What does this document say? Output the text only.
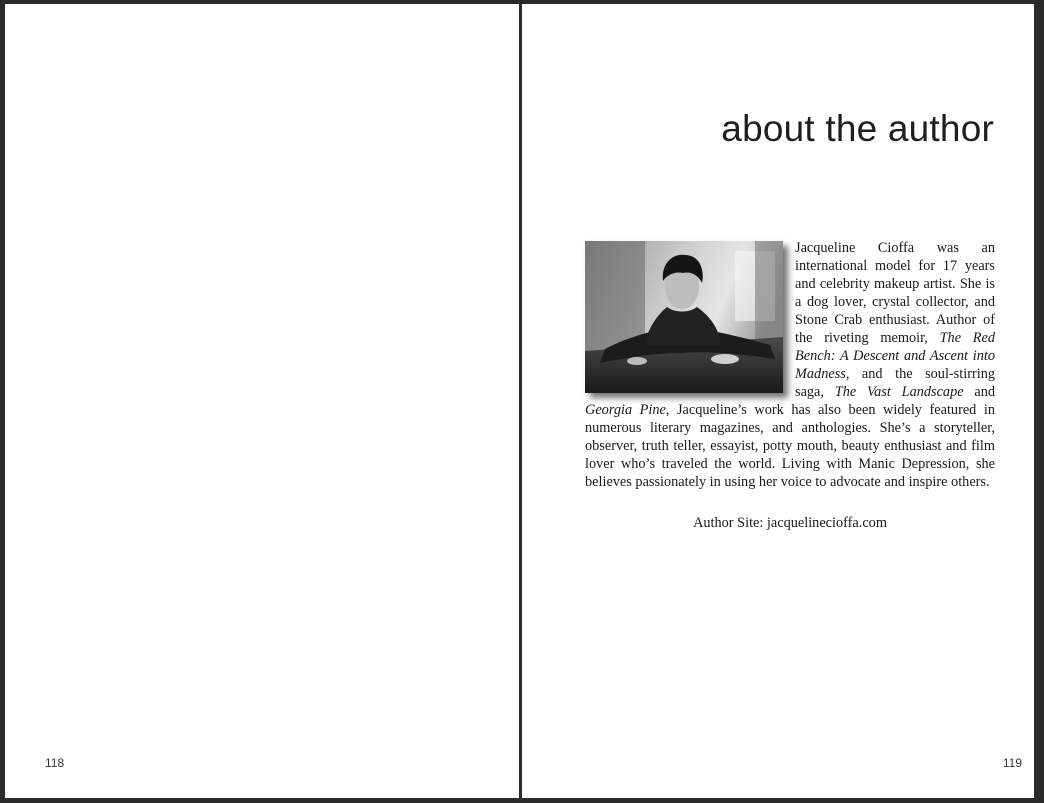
118
about the author

Jacqueline Cioffa was an international model for 17 years and celebrity makeup artist. She is a dog lover, crystal collector, and Stone Crab enthusiast. Author of the riveting memoir, The Red Bench: A Descent and Ascent into Madness, and the soul-stirring saga, The Vast Landscape and Georgia Pine, Jacqueline’s work has also been widely featured in numerous literary magazines, and anthologies. She’s a storyteller, observer, truth teller, essayist, potty mouth, beauty enthusiast and film lover who’s traveled the world. Living with Manic Depression, she believes passionately in using her voice to advocate and inspire others.

Author Site: jacquelinecioffa.com

119
